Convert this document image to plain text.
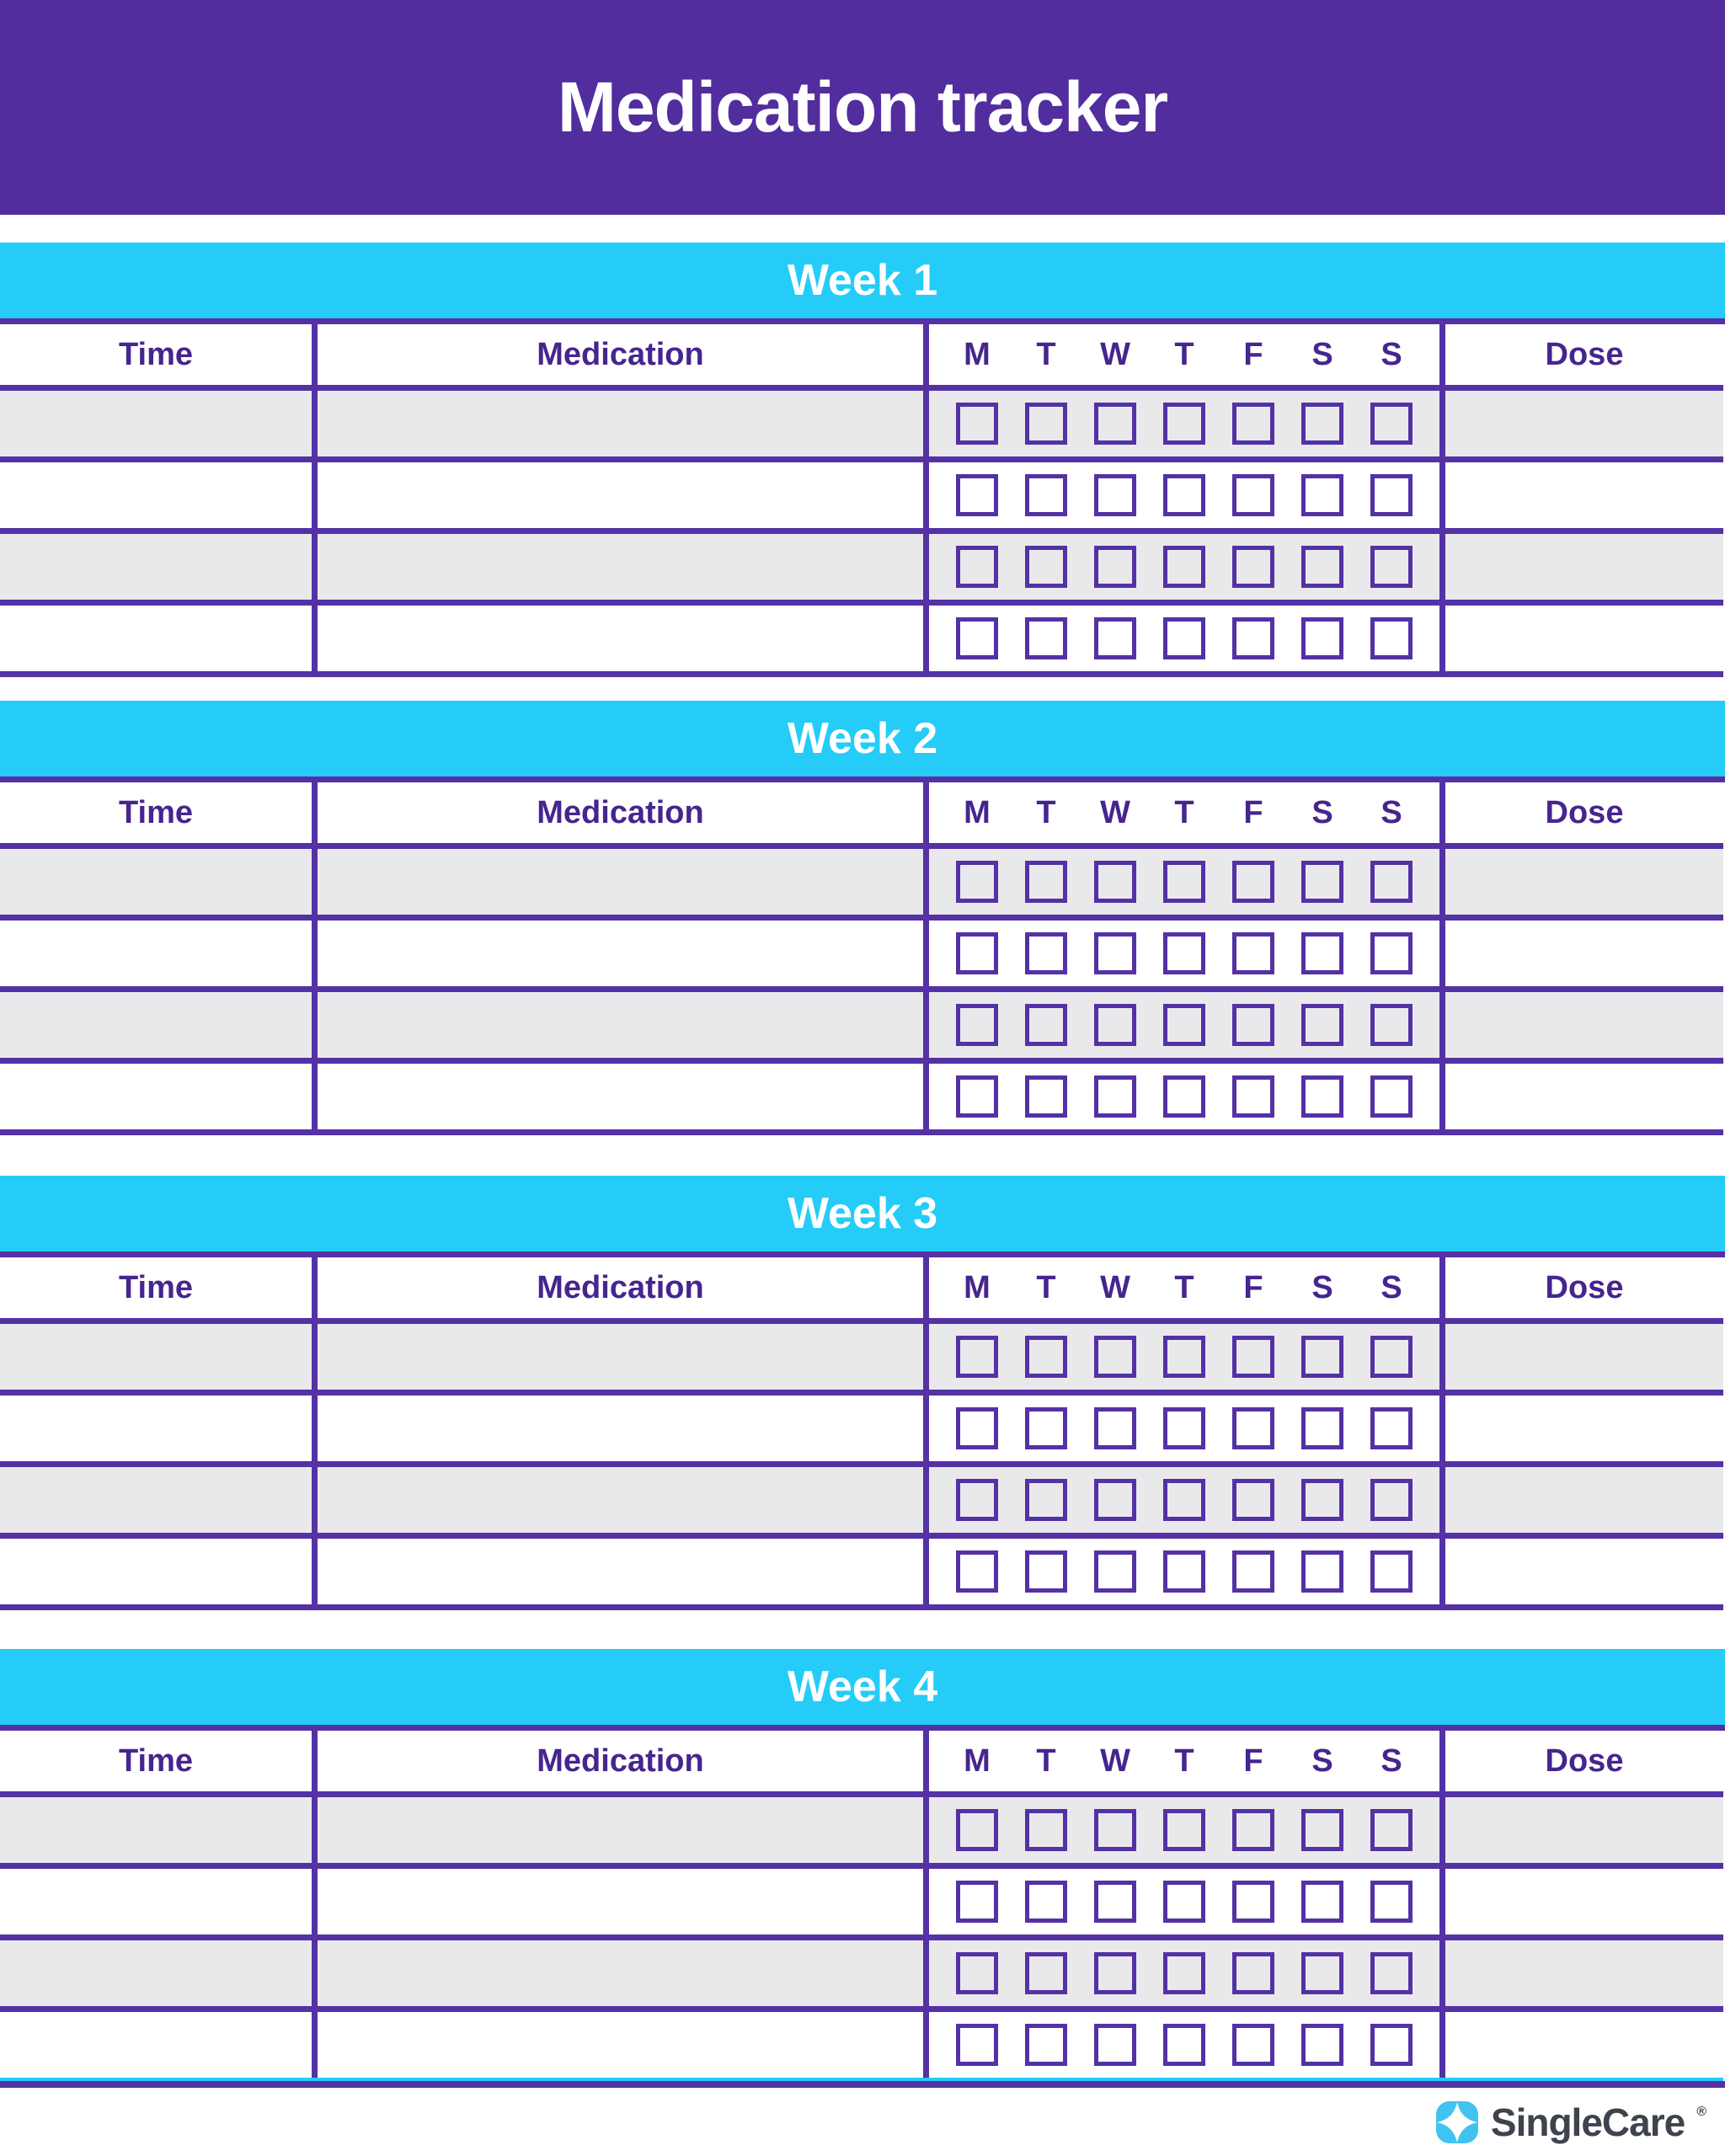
Medication tracker
Week 1
Time	Medication	M	T	W	T	F	S	S	Dose
Week 2
Time	Medication	M	T	W	T	F	S	S	Dose
Week 3
Time	Medication	M	T	W	T	F	S	S	Dose
Week 4
Time	Medication	M	T	W	T	F	S	S	Dose
SingleCare ®
